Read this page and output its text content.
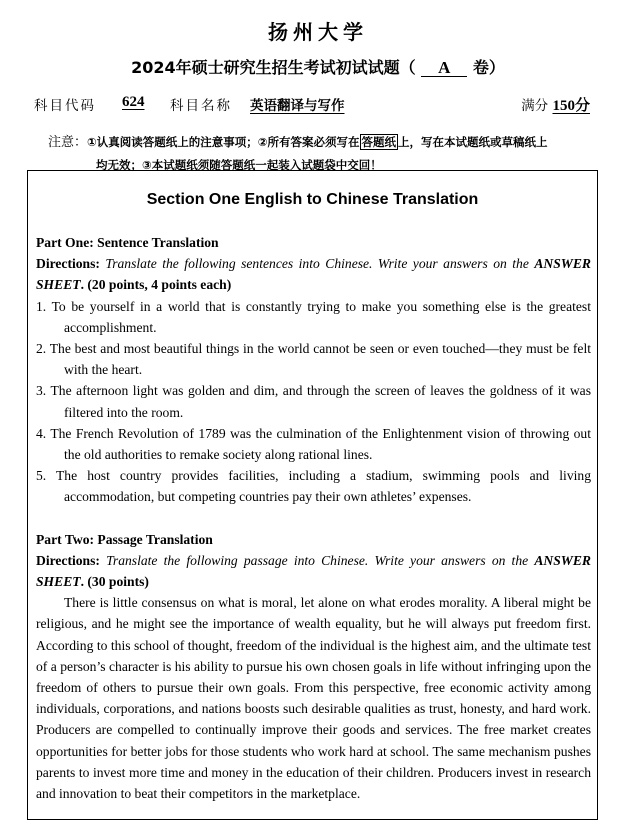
扬州大学
2024年硕士研究生招生考试初试试题（ A 卷）
科目代码 624 科目名称 英语翻译与写作	满分 150分
注意：①认真阅读答题纸上的注意事项；②所有答案必须写在 答题纸 上，写在本试题纸或草稿纸上
均无效；③本试题纸须随答题纸一起装入试题袋中交回！
Section One English to Chinese Translation

Part One: Sentence Translation

Directions: Translate the following sentences into Chinese. Write your answers on the ANSWER SHEET. (20 points, 4 points each)

1. To be yourself in a world that is constantly trying to make you something else is the greatest accomplishment.
2. The best and most beautiful things in the world cannot be seen or even touched—they must be felt with the heart.
3. The afternoon light was golden and dim, and through the screen of leaves the goldness of it was filtered into the room.
4. The French Revolution of 1789 was the culmination of the Enlightenment vision of throwing out the old authorities to remake society along rational lines.
5. The host country provides facilities, including a stadium, swimming pools and living accommodation, but competing countries pay their own athletes’ expenses.

Part Two: Passage Translation

Directions: Translate the following passage into Chinese. Write your answers on the ANSWER SHEET. (30 points)

There is little consensus on what is moral, let alone on what erodes morality. A liberal might be religious, and he might see the importance of wealth equality, but he will always put freedom first. According to this school of thought, freedom of the individual is the highest aim, and the ultimate test of a person’s character is his ability to pursue his own chosen goals in life without infringing upon the freedom of others to pursue their own goals. From this perspective, free economic activity among individuals, corporations, and nations boosts such desirable qualities as trust, honesty, and hard work. Producers are compelled to continually improve their goods and services. The free market creates opportunities for better jobs for those students who work hard at school. The same mechanism pushes parents to invest more time and money in the education of their children. Producers invest in research and innovation to beat their competitors in the marketplace.
